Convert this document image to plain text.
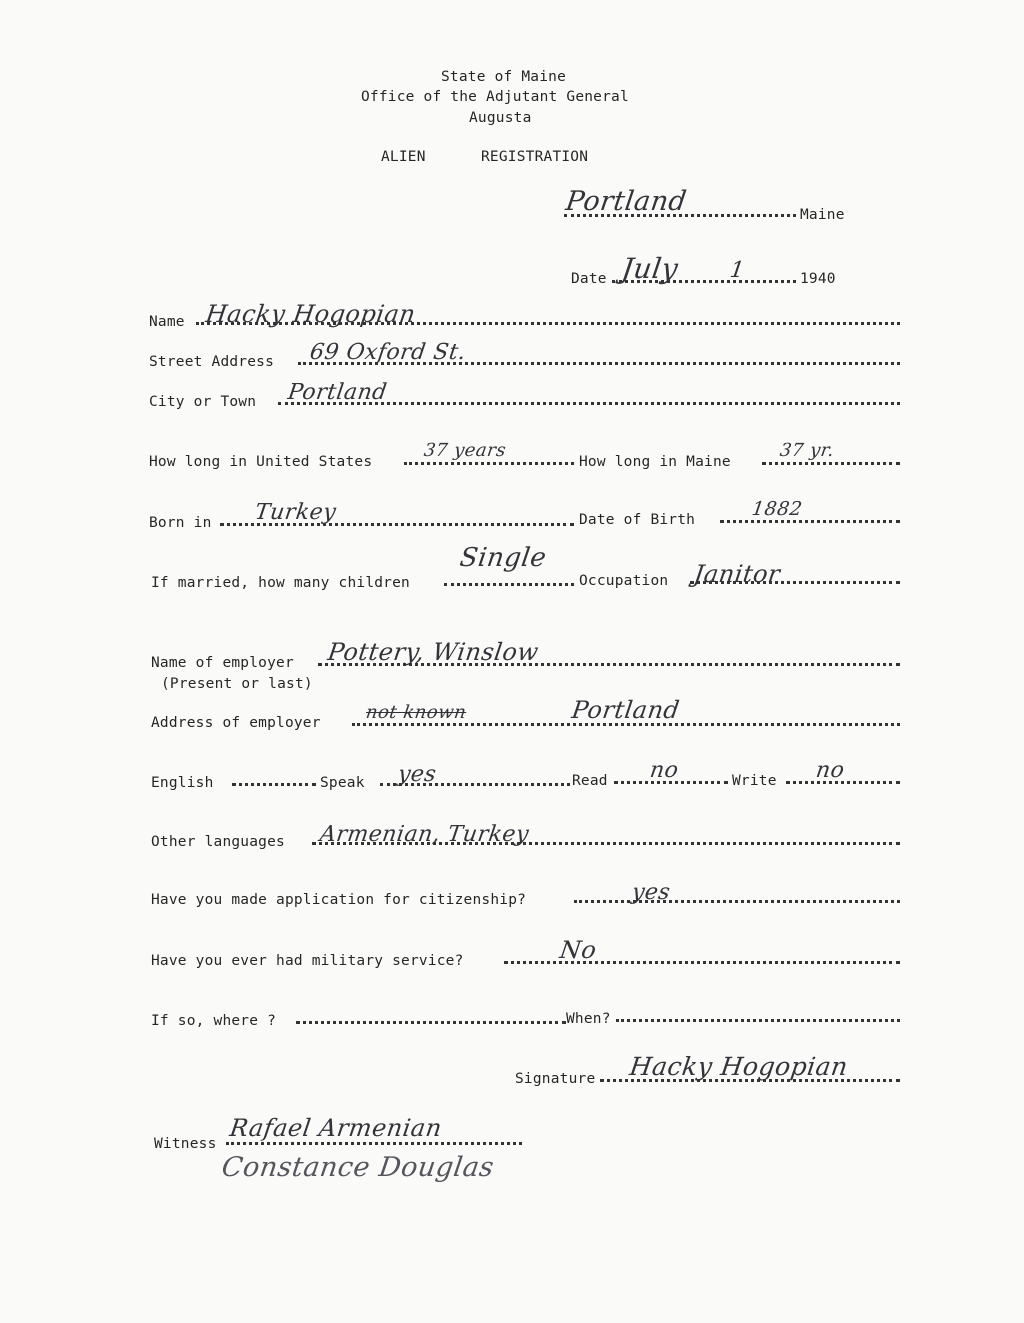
State of Maine
Office of the Adjutant General
Augusta
ALIEN	REGISTRATION
Portland	Maine
Date July 1	1940
Name Hacky Hogopian
Street Address 69 Oxford St.
City or Town Portland
How long in United States
37 years
How long in Maine
37 yr.
Born in Turkey	Date of Birth	1882
If married, how many children
Single
Occupation Janitor
Name of employer
(Present or last)
Pottery, Winslow
Address of employer not known	Portland
English	Speak yes	Read no	Write no
Other languages Armenian, Turkey
Have you made application for citizenship?	yes
Have you ever had military service?	No
If so, where ?	When?
Signature Hacky Hogopian
Witness
Rafael Armenian
Constance Douglas
